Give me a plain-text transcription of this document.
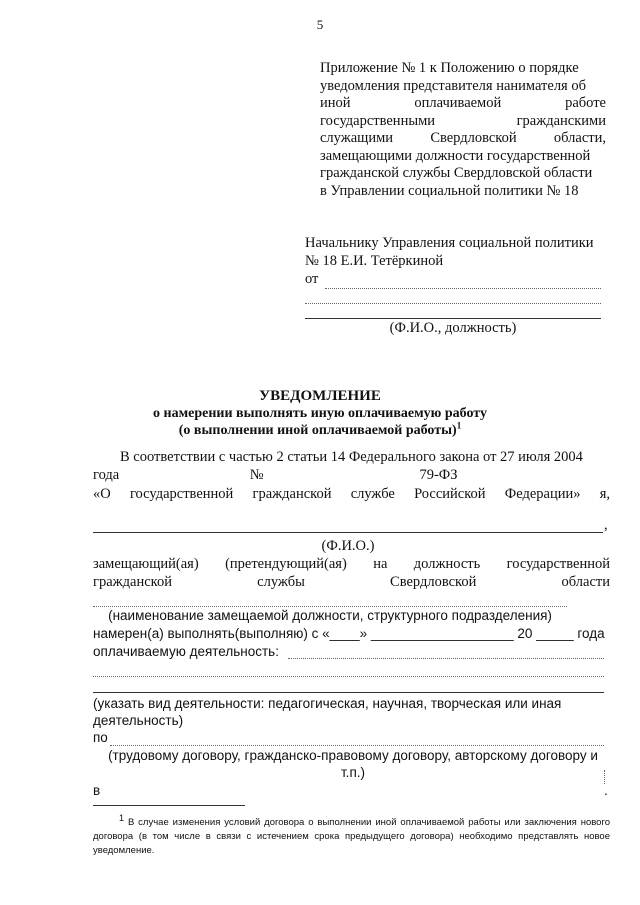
5
Приложение № 1 к Положению о порядке
уведомления представителя нанимателя об
иной оплачиваемой работе
государственными гражданскими
служащими Свердловской области,
замещающими должности государственной
гражданской службы Свердловской области
в Управлении социальной политики № 18
Начальнику Управления социальной политики
№ 18 Е.И. Тетёркиной
от
(Ф.И.О., должность)
УВЕДОМЛЕНИЕ
о намерении выполнять иную оплачиваемую работу
(о выполнении иной оплачиваемой работы)$^1$
В соответствии с частью 2 статьи 14 Федерального закона от 27 июля 2004
года                                    №                                           79-ФЗ
«О государственной гражданской службе Российской Федерации» я,
,
(Ф.И.О.)
замещающий(ая) (претендующий(ая) на должность государственной
гражданской службы Свердловской области
(наименование замещаемой должности, структурного подразделения)
намерен(а) выполнять(выполняю) с «____» ___________________ 20 _____ года
оплачиваемую деятельность:
(указать вид деятельности: педагогическая, научная, творческая или иная
деятельность)
по
(трудовому договору, гражданско-правовому договору, авторскому договору и
т.п.)
в	.
$^1$ В случае изменения условий договора о выполнении иной оплачиваемой работы или заключения нового договора (в том числе в связи с истечением срока предыдущего договора) необходимо представлять новое уведомление.
